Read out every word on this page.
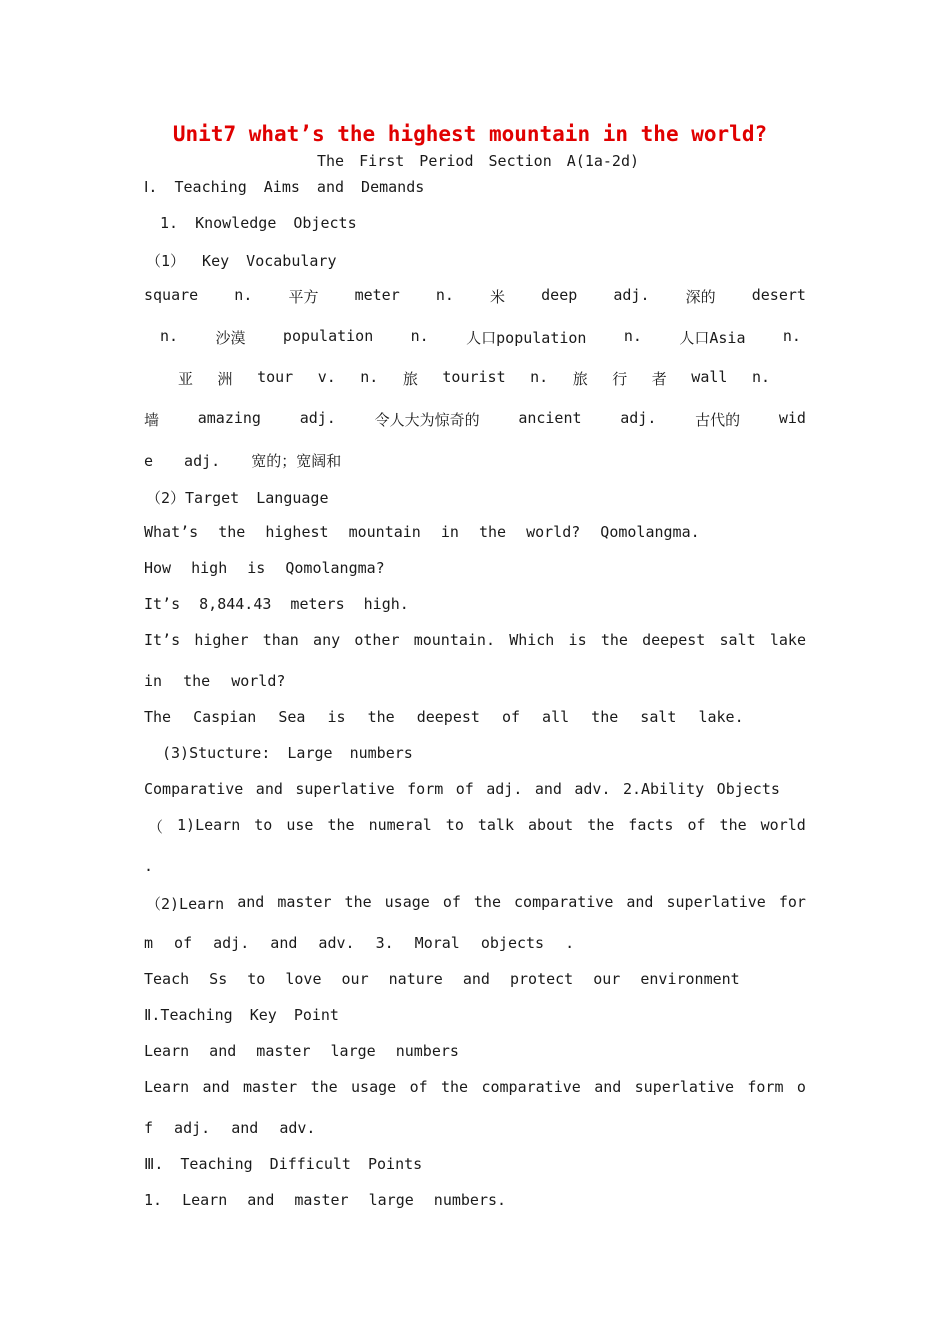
Unit7 what’s the highest mountain in the world?

The First Period Section A(1a-2d)

Ⅰ. Teaching Aims and Demands

1. Knowledge Objects

（1） Key Vocabulary

square n. 平方 meter n. 米 deep adj. 深的 desert
n. 沙漠 population n. 人口population n. 人口Asia n.
亚 洲 tour v. n. 旅 tourist n. 旅 行 者 wall n.
墙	amazing	adj.	令人大为惊奇的	ancient	adj.	古代的	wid

e adj. 宽的；宽阔和

（2）Target Language

What’s the highest mountain in the world? Qomolangma.

How high is Qomolangma?

It’s 8,844.43 meters high.

It’s higher than any other mountain. Which is the deepest salt lake

in the world?

The Caspian Sea is the deepest of all the salt lake.

(3)Stucture: Large numbers

Comparative and superlative form of adj. and adv. 2.Ability Objects
（ 1)Learn to use the numeral to talk about the facts of the world

.

（2)Learn and master the usage of the comparative and superlative for

m of adj. and adv. 3. Moral objects .

Teach Ss to love our nature and protect our environment

Ⅱ.Teaching Key Point

Learn and master large numbers

Learn and master the usage of the comparative and superlative form o

f adj. and adv.

Ⅲ. Teaching Difficult Points

1. Learn and master large numbers.
